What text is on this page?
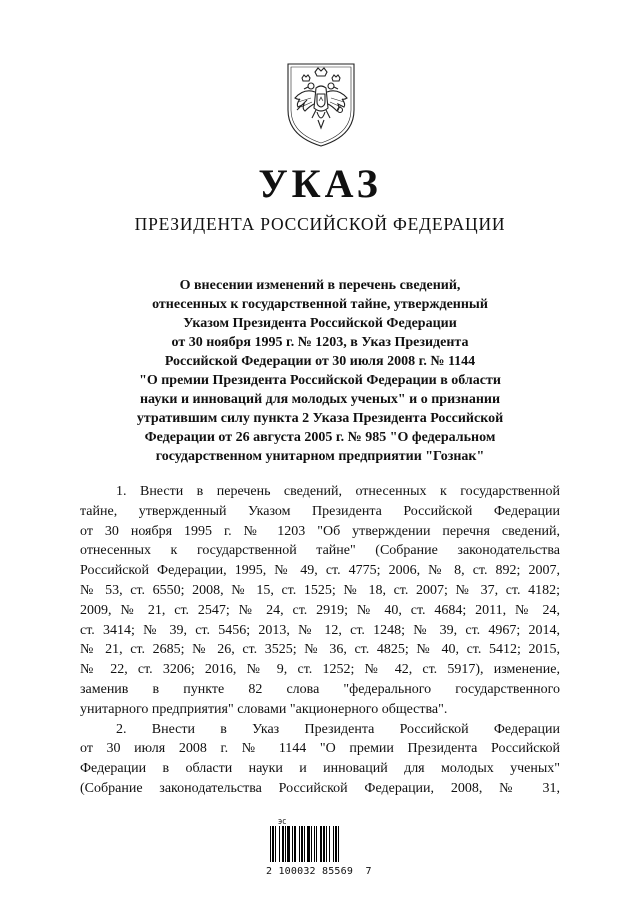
УКАЗ
ПРЕЗИДЕНТА РОССИЙСКОЙ ФЕДЕРАЦИИ
О внесении изменений в перечень сведений,
отнесенных к государственной тайне, утвержденный
Указом Президента Российской Федерации
от 30 ноября 1995 г. № 1203, в Указ Президента
Российской Федерации от 30 июля 2008 г. № 1144
"О премии Президента Российской Федерации в области
науки и инноваций для молодых ученых" и о признании
утратившим силу пункта 2 Указа Президента Российской
Федерации от 26 августа 2005 г. № 985 "О федеральном
государственном унитарном предприятии "Гознак"
1. Внести в перечень сведений, отнесенных к государственной
тайне, утвержденный Указом Президента Российской Федерации
от 30 ноября 1995 г. № 1203 "Об утверждении перечня сведений,
отнесенных к государственной тайне" (Собрание законодательства
Российской Федерации, 1995, № 49, ст. 4775; 2006, № 8, ст. 892; 2007,
№ 53, ст. 6550; 2008, № 15, ст. 1525; № 18, ст. 2007; № 37, ст. 4182;
2009, № 21, ст. 2547; № 24, ст. 2919; № 40, ст. 4684; 2011, № 24,
ст. 3414; № 39, ст. 5456; 2013, № 12, ст. 1248; № 39, ст. 4967; 2014,
№ 21, ст. 2685; № 26, ст. 3525; № 36, ст. 4825; № 40, ст. 5412; 2015,
№ 22, ст. 3206; 2016, № 9, ст. 1252; № 42, ст. 5917), изменение,
заменив в пункте 82 слова "федерального государственного
унитарного предприятия" словами "акционерного общества".
2. Внести в Указ Президента Российской Федерации
от 30 июля 2008 г. № 1144 "О премии Президента Российской
Федерации в области науки и инноваций для молодых ученых"
(Собрание законодательства Российской Федерации, 2008, № 31,
ЭС
2 100032 85569  7
